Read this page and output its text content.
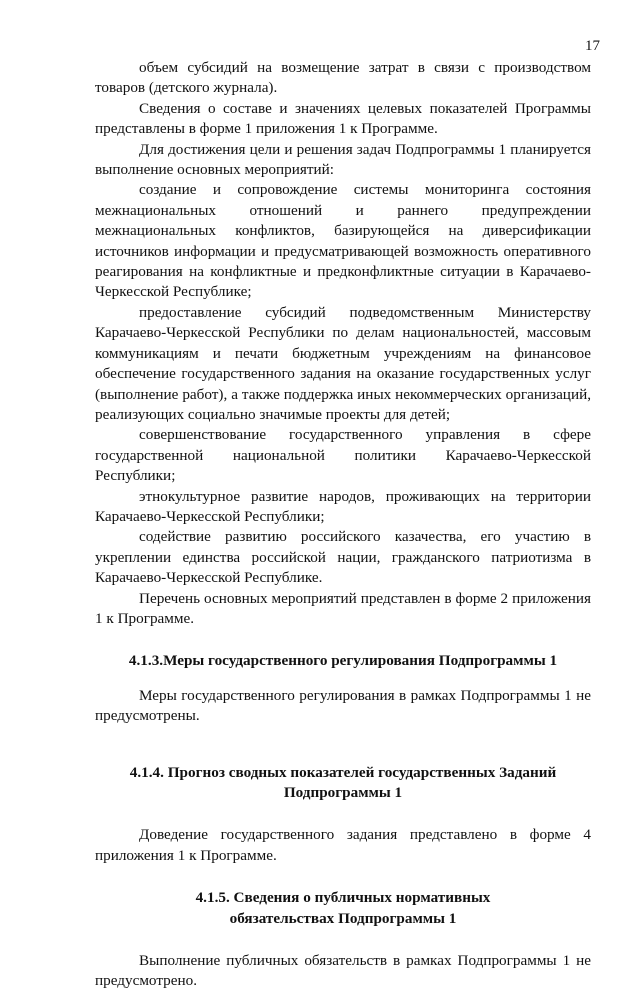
17

объем субсидий на возмещение затрат в связи с производством товаров (детского журнала).

Сведения о составе и значениях целевых показателей Программы представлены в форме 1 приложения 1 к Программе.

Для достижения цели и решения задач Подпрограммы 1 планируется выполнение основных мероприятий:

создание и сопровождение системы мониторинга состояния межнациональных отношений и раннего предупреждении межнациональных конфликтов, базирующейся на диверсификации источников информации и предусматривающей возможность оперативного реагирования на конфликтные и предконфликтные ситуации в Карачаево-Черкесской Республике;

предоставление субсидий подведомственным Министерству Карачаево-Черкесской Республики по делам национальностей, массовым коммуникациям и печати бюджетным учреждениям на финансовое обеспечение государственного задания на оказание государственных услуг (выполнение работ), а также поддержка иных некоммерческих организаций, реализующих социально значимые проекты для детей;

совершенствование государственного управления в сфере государственной национальной политики Карачаево-Черкесской Республики;

этнокультурное развитие народов, проживающих на территории Карачаево-Черкесской Республики;

содействие развитию российского казачества, его участию в укреплении единства российской нации, гражданского патриотизма в Карачаево-Черкесской Республике.

Перечень основных мероприятий представлен в форме 2 приложения 1 к Программе.

4.1.3.Меры государственного регулирования Подпрограммы 1

Меры государственного регулирования в рамках Подпрограммы 1 не предусмотрены.

4.1.4. Прогноз сводных показателей государственных Заданий
Подпрограммы 1

Доведение государственного задания представлено в форме 4 приложения 1 к Программе.

4.1.5. Сведения о публичных нормативных
обязательствах Подпрограммы 1

Выполнение публичных обязательств в рамках Подпрограммы 1 не предусмотрено.
